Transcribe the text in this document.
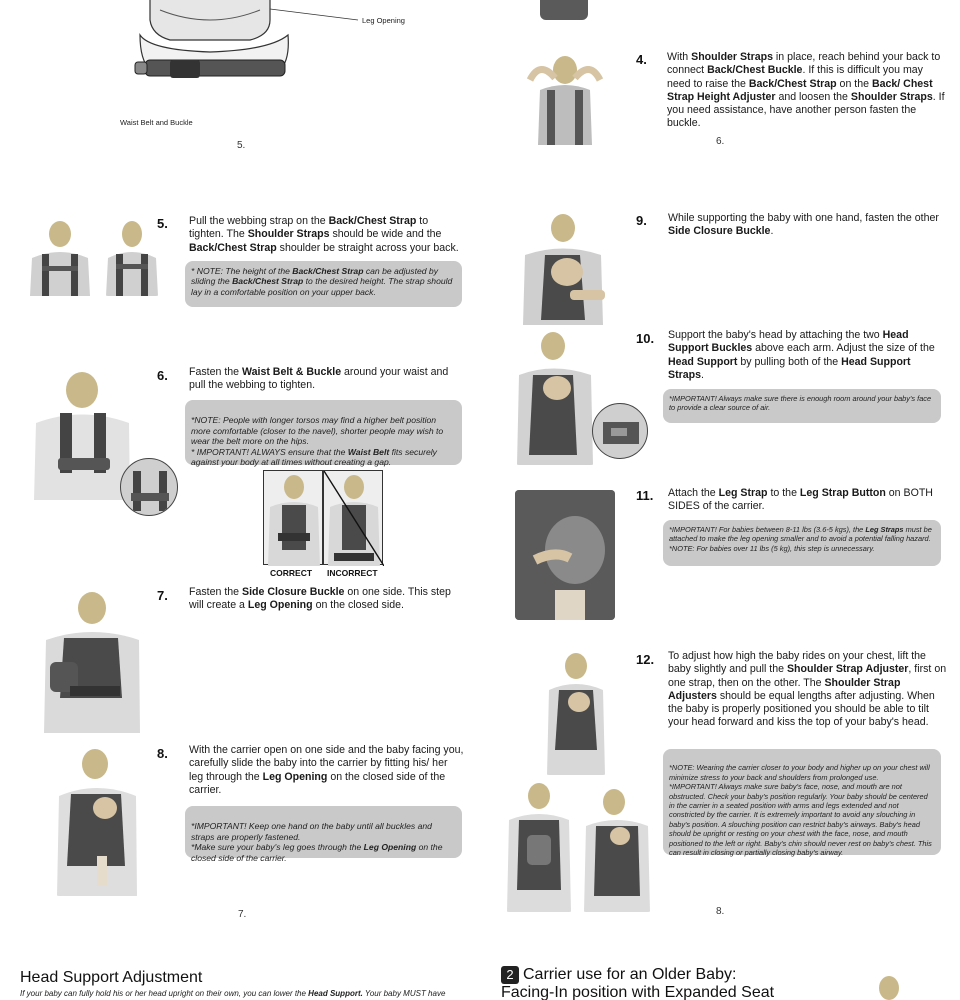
Leg Opening
Waist Belt and Buckle
5.
4. With Shoulder Straps in place, reach behind your back to connect Back/Chest Buckle. If this is difficult you may need to raise the Back/Chest Strap on the Back/ Chest Strap Height Adjuster and loosen the Shoulder Straps. If you need assistance, have another person fasten the buckle.
6.
5. Pull the webbing strap on the Back/Chest Strap to tighten. The Shoulder Straps should be wide and the Back/Chest Strap shoulder be straight across your back.
* NOTE: The height of the Back/Chest Strap can be adjusted by sliding the Back/Chest Strap to the desired height. The strap should lay in a comfortable position on your upper back.
9. While supporting the baby with one hand, fasten the other Side Closure Buckle.
10. Support the baby's head by attaching the two Head Support Buckles above each arm. Adjust the size of the Head Support by pulling both of the Head Support Straps.
*IMPORTANT! Always make sure there is enough room around your baby's face to provide a clear source of air.
6. Fasten the Waist Belt & Buckle around your waist and pull the webbing to tighten.

*NOTE: People with longer torsos may find a higher belt position more comfortable (closer to the navel), shorter people may wish to wear the belt more on the hips.
* IMPORTANT! ALWAYS ensure that the Waist Belt fits securely against your body at all times without creating a gap.

CORRECT INCORRECT
11. Attach the Leg Strap to the Leg Strap Button on BOTH SIDES of the carrier.
*IMPORTANT! For babies between 8-11 lbs (3.6-5 kgs), the Leg Straps must be attached to make the leg opening smaller and to avoid a potential falling hazard. *NOTE: For babies over 11 lbs (5 kg), this step is unnecessary.
7. Fasten the Side Closure Buckle on one side. This step will create a Leg Opening on the closed side.
12. To adjust how high the baby rides on your chest, lift the baby slightly and pull the Shoulder Strap Adjuster, first on one strap, then on the other. The Shoulder Strap Adjusters should be equal lengths after adjusting. When the baby is properly positioned you should be able to tilt your head forward and kiss the top of your baby's head.

*NOTE: Wearing the carrier closer to your body and higher up on your chest will minimize stress to your back and shoulders from prolonged use.
*IMPORTANT! Always make sure baby's face, nose, and mouth are not obstructed. Check your baby's position regularly. Your baby should be centered in the carrier in a seated position with arms and legs extended and not constricted by the carrier. It is extremely important to avoid any slouching in baby's position. A slouching position can restrict baby's airways. Baby's head should be upright or resting on your chest with the face, nose, and mouth positioned to the left or right. Baby's chin should never rest on baby's chest. This can result in closing or partially closing baby's airway.

8. With the carrier open on one side and the baby facing you, carefully slide the baby into the carrier by fitting his/ her leg through the Leg Opening on the closed side of the carrier.

*IMPORTANT! Keep one hand on the baby until all buckles and straps are properly fastened.
*Make sure your baby's leg goes through the Leg Opening on the closed side of the carrier.

7.	8.
Head Support Adjustment
If your baby can fully hold his or her head upright on their own, you can lower the Head Support. Your baby MUST have
2 Carrier use for an Older Baby:
Facing-In position with Expanded Seat
